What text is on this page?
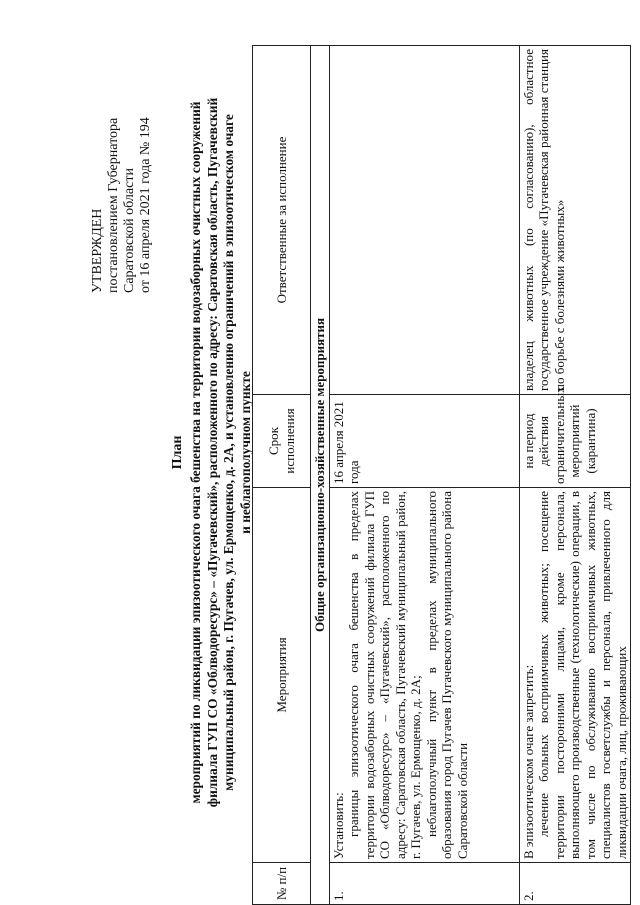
УТВЕРЖДЕН постановлением Губернатора Саратовской области от 16 апреля 2021 года № 194
План мероприятий по ликвидации эпизоотического очага бешенства на территории водозаборных очистных сооружений филиала ГУП СО «Облводоресурс» – «Пугачевский», расположенного по адресу: Саратовская область, Пугачевский муниципальный район, г. Пугачев, ул. Ермощенко, д. 2А, и установлению ограничений в эпизоотическом очаге и неблагополучном пункте
№ п/п	Мероприятия	Срок исполнения	Ответственные за исполнение
Общие организационно-хозяйственные мероприятия			
1.	Установить: границы эпизоотического очага бешенства в пределах территории водозаборных очистных сооружений филиала ГУП СО «Облводоресурс» – «Пугачевский», расположенного по адресу: Саратовская область, Пугачевский муниципальный район, г. Пугачев, ул. Ермощенко, д. 2А; неблагополучный пункт в пределах муниципального образования город Пугачев Пугачевского муниципального района Саратовской области	16 апреля 2021 года	
2.	В эпизоотическом очаге запретить: лечение больных восприимчивых животных; посещение территории посторонними лицами, кроме персонала, выполняющего производственные (технологические) операции, в том числе по обслуживанию восприимчивых животных, специалистов госветслужбы и персонала, привлеченного для ликвидации очага, лиц, проживающих	на период действия ограничительных мероприятий (карантина)	владелец животных (по согласованию), областное государственное учреждение «Пугачевская районная станция по борьбе с болезнями животных»
